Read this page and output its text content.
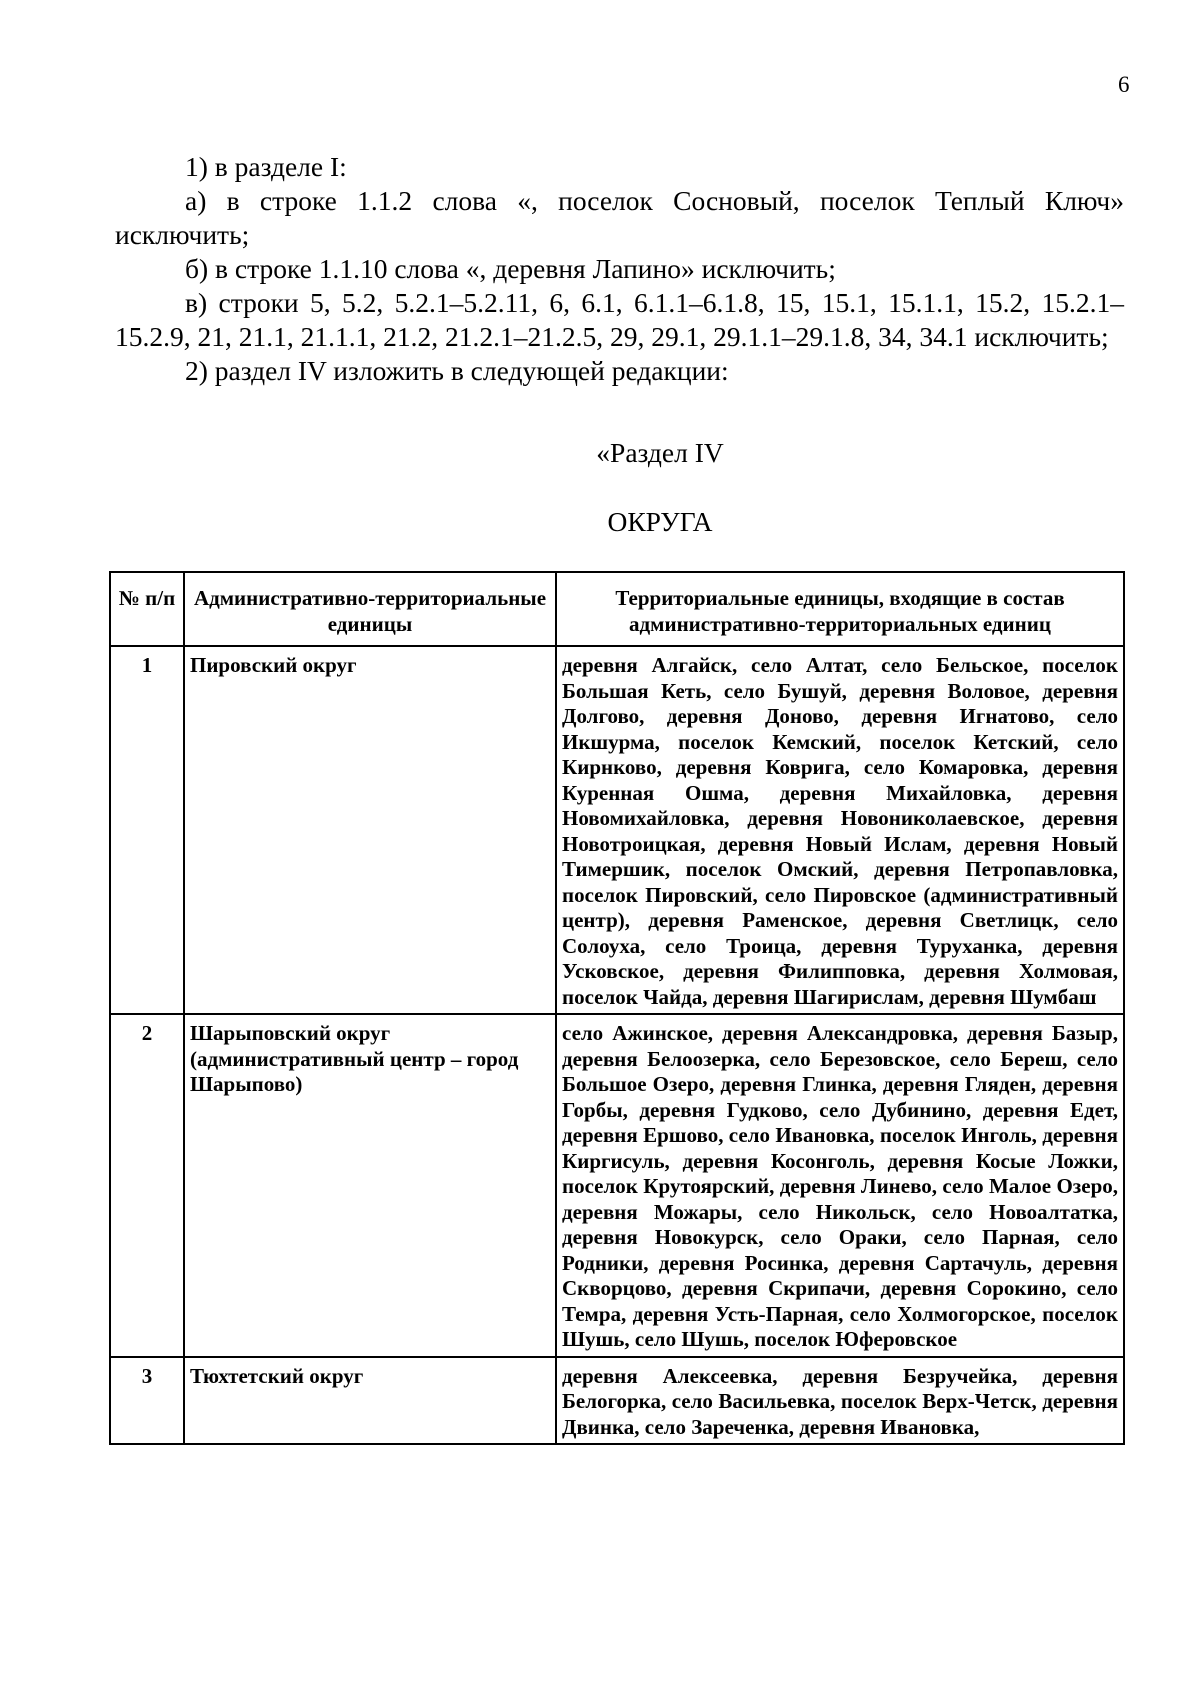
6

1) в разделе I:

а) в строке 1.1.2 слова «, поселок Сосновый, поселок Теплый Ключ» исключить;

б) в строке 1.1.10 слова «, деревня Лапино» исключить;

в) строки 5, 5.2, 5.2.1–5.2.11, 6, 6.1, 6.1.1–6.1.8, 15, 15.1, 15.1.1, 15.2, 15.2.1–15.2.9, 21, 21.1, 21.1.1, 21.2, 21.2.1–21.2.5, 29, 29.1, 29.1.1–29.1.8, 34, 34.1 исключить;

2) раздел IV изложить в следующей редакции:

«Раздел IV
ОКРУГА
№ п/п	Административно-территориальные единицы	Территориальные единицы, входящие в состав административно-территориальных единиц
1	Пировский округ	деревня Алгайск, село Алтат, село Бельское, поселок Большая Кеть, село Бушуй, деревня Воловое, деревня Долгово, деревня Доново, деревня Игнатово, село Икшурма, поселок Кемский, поселок Кетский, село Кирнково, деревня Коврига, село Комаровка, деревня Куренная Ошма, деревня Михайловка, деревня Новомихайловка, деревня Новониколаевское, деревня Новотроицкая, деревня Новый Ислам, деревня Новый Тимершик, поселок Омский, деревня Петропавловка, поселок Пировский, село Пировское (административный центр), деревня Раменское, деревня Светлицк, село Солоуха, село Троица, деревня Туруханка, деревня Усковское, деревня Филипповка, деревня Холмовая, поселок Чайда, деревня Шагирислам, деревня Шумбаш
2	Шарыповский округ (административный центр – город Шарыпово)	село Ажинское, деревня Александровка, деревня Базыр, деревня Белоозерка, село Березовское, село Береш, село Большое Озеро, деревня Глинка, деревня Гляден, деревня Горбы, деревня Гудково, село Дубинино, деревня Едет, деревня Ершово, село Ивановка, поселок Инголь, деревня Киргисуль, деревня Косонголь, деревня Косые Ложки, поселок Крутоярский, деревня Линево, село Малое Озеро, деревня Можары, село Никольск, село Новоалтатка, деревня Новокурск, село Ораки, село Парная, село Родники, деревня Росинка, деревня Сартачуль, деревня Скворцово, деревня Скрипачи, деревня Сорокино, село Темра, деревня Усть-Парная, село Холмогорское, поселок Шушь, село Шушь, поселок Юферовское
3	Тюхтетский округ	деревня Алексеевка, деревня Безручейка, деревня Белогорка, село Васильевка, поселок Верх-Четск, деревня Двинка, село Зареченка, деревня Ивановка,
